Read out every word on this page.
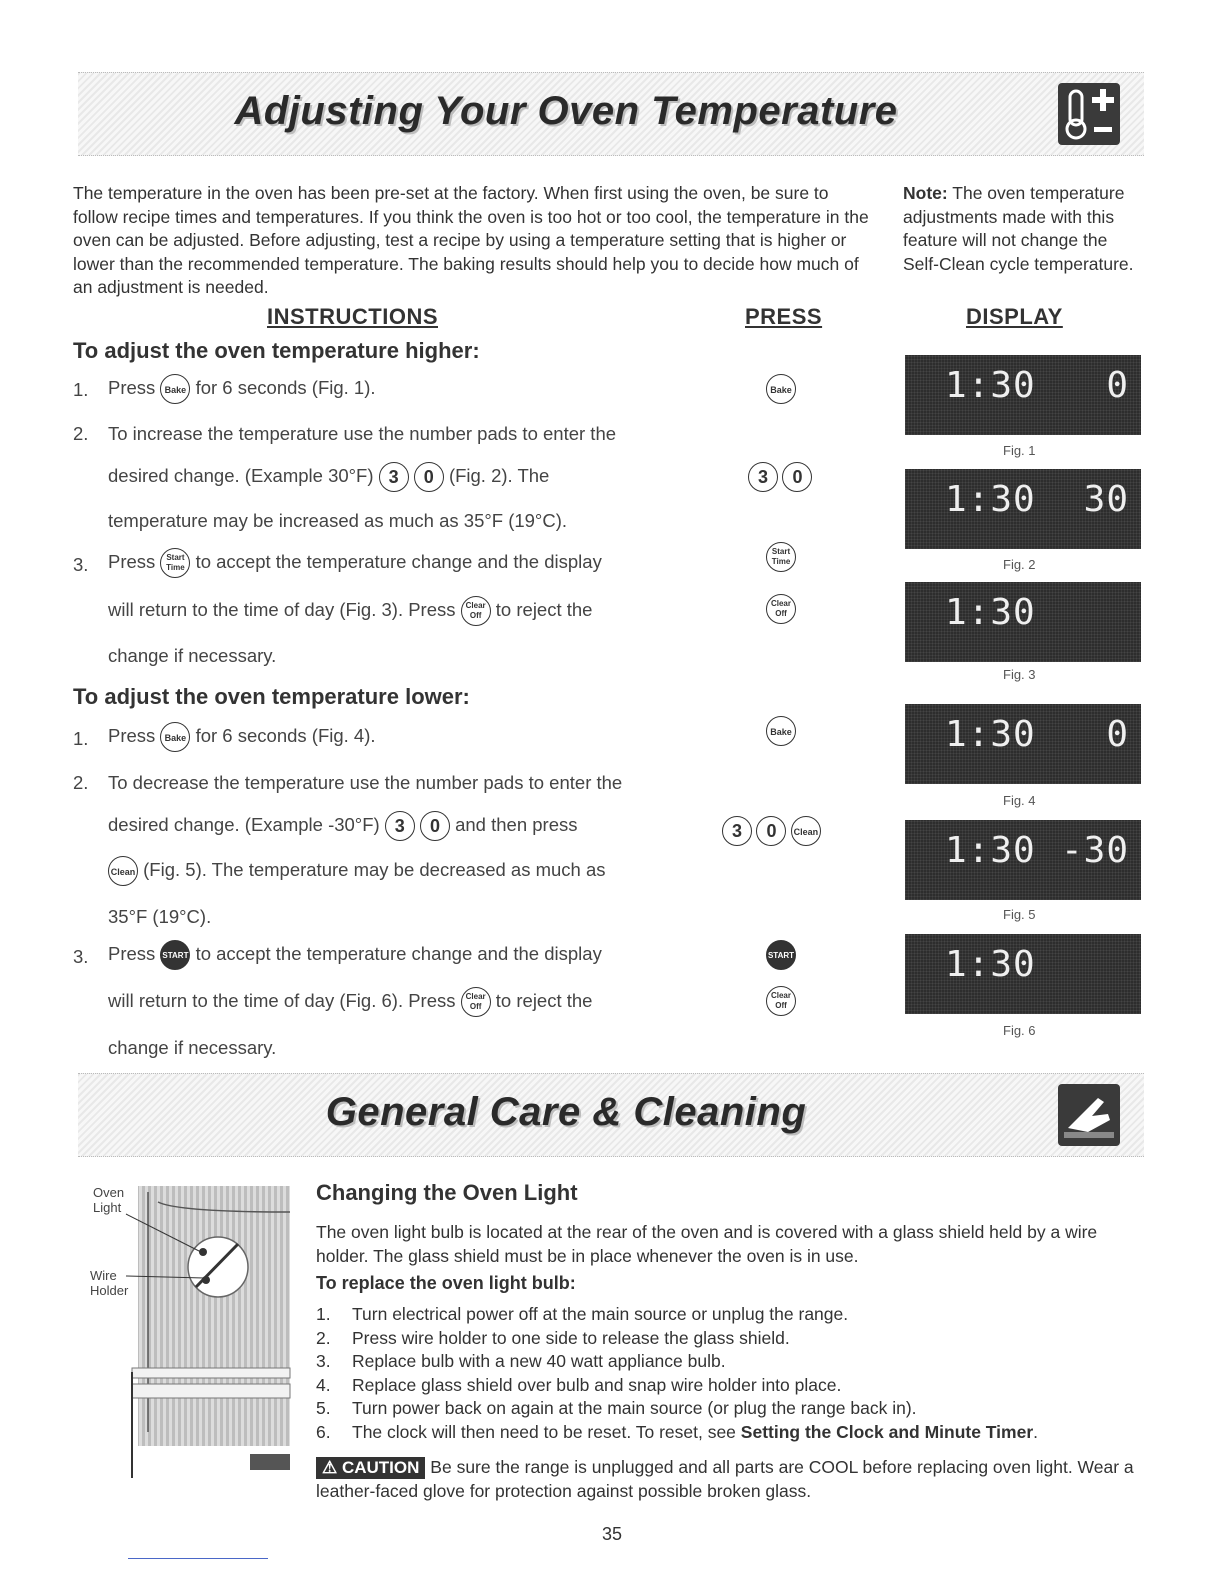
Adjusting Your Oven Temperature
The temperature in the oven has been pre-set at the factory. When first using the oven, be sure to follow recipe times and temperatures. If you think the oven is too hot or too cool, the temperature in the oven can be adjusted. Before adjusting, test a recipe by using a temperature setting that is higher or lower than the recommended temperature. The baking results should help you to decide how much of an adjustment is needed.
Note: The oven temperature adjustments made with this feature will not change the Self-Clean cycle temperature.
INSTRUCTIONS	PRESS	DISPLAY
To adjust the oven temperature higher:
1. Press Bake for 6 seconds (Fig. 1).
2. To increase the temperature use the number pads to enter the
desired change. (Example 30°F) 3 0 (Fig. 2). The
temperature may be increased as much as 35°F (19°C).
3. Press Start
Time to accept the temperature change and the display
will return to the time of day (Fig. 3). Press Clear
Off to reject the
change if necessary.
To adjust the oven temperature lower:
1. Press Bake for 6 seconds (Fig. 4).
2. To decrease the temperature use the number pads to enter the
desired change. (Example -30°F) 3 0 and then press
Clean (Fig. 5). The temperature may be decreased as much as
35°F (19°C).
3. Press START to accept the temperature change and the display
will return to the time of day (Fig. 6). Press Clear
Off to reject the
change if necessary.
Bake
3 0
Start
Time
Clear
Off
Bake
3 0 Clean
START
Clear
Off
1:30 0
Fig. 1
1:30 30
Fig. 2
1:30
Fig. 3
1:30 0
Fig. 4
1:30 -30
Fig. 5
1:30
Fig. 6
General Care & Cleaning
Oven Light
Wire Holder
Changing the Oven Light
The oven light bulb is located at the rear of the oven and is covered with a glass shield held by a wire holder. The glass shield must be in place whenever the oven is in use.
To replace the oven light bulb:
1. Turn electrical power off at the main source or unplug the range.
2. Press wire holder to one side to release the glass shield.
3. Replace bulb with a new 40 watt appliance bulb.
4. Replace glass shield over bulb and snap wire holder into place.
5. Turn power back on again at the main source (or plug the range back in).
6. The clock will then need to be reset. To reset, see Setting the Clock and Minute Timer.
⚠ CAUTION Be sure the range is unplugged and all parts are COOL before replacing oven light. Wear a leather-faced glove for protection against possible broken glass.
35
